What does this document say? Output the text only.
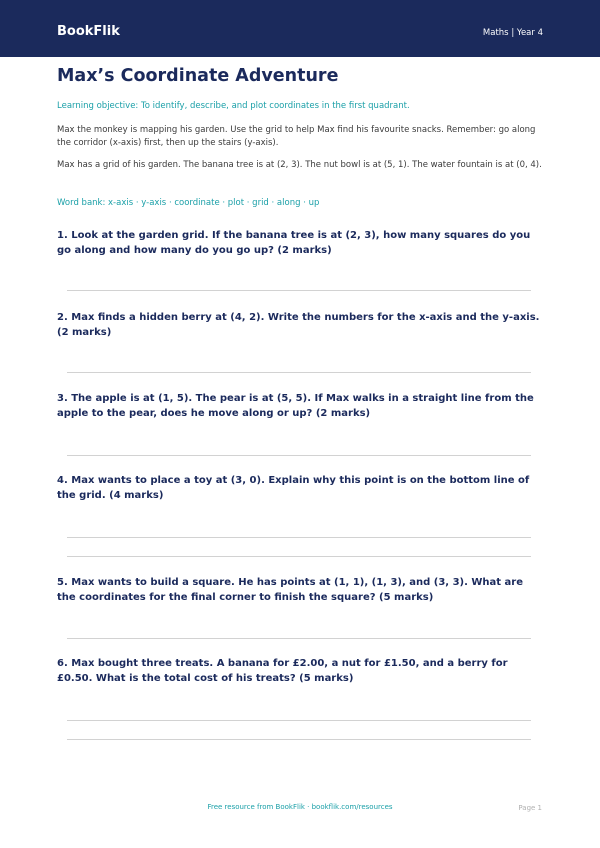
BookFlik	Maths | Year 4
Max’s Coordinate Adventure
Learning objective: To identify, describe, and plot coordinates in the first quadrant.
Max the monkey is mapping his garden. Use the grid to help Max find his favourite snacks. Remember: go along the corridor (x-axis) first, then up the stairs (y-axis).
Max has a grid of his garden. The banana tree is at (2, 3). The nut bowl is at (5, 1). The water fountain is at (0, 4).
Word bank: x-axis · y-axis · coordinate · plot · grid · along · up
1. Look at the garden grid. If the banana tree is at (2, 3), how many squares do you go along and how many do you go up? (2 marks)
2. Max finds a hidden berry at (4, 2). Write the numbers for the x-axis and the y-axis. (2 marks)
3. The apple is at (1, 5). The pear is at (5, 5). If Max walks in a straight line from the apple to the pear, does he move along or up? (2 marks)
4. Max wants to place a toy at (3, 0). Explain why this point is on the bottom line of the grid. (4 marks)
5. Max wants to build a square. He has points at (1, 1), (1, 3), and (3, 3). What are the coordinates for the final corner to finish the square? (5 marks)
6. Max bought three treats. A banana for £2.00, a nut for £1.50, and a berry for £0.50. What is the total cost of his treats? (5 marks)
Free resource from BookFlik · bookflik.com/resources	Page 1
